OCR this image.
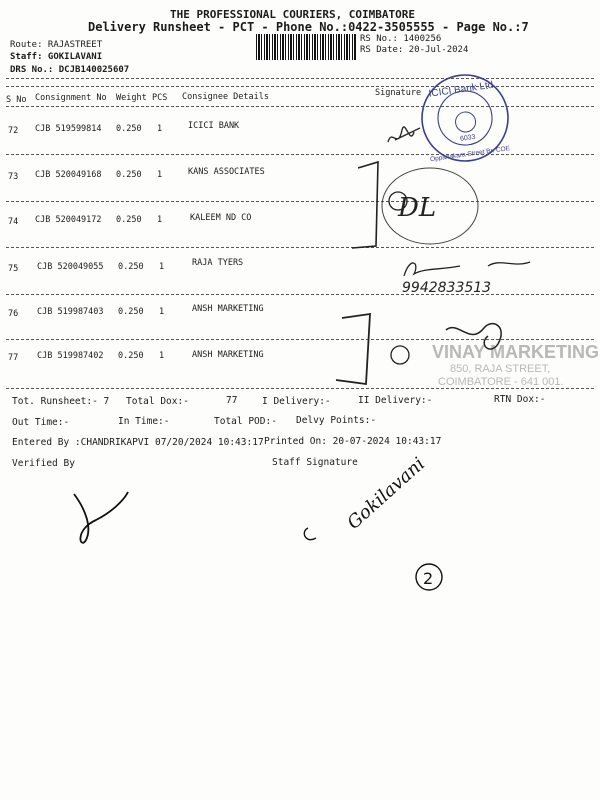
THE PROFESSIONAL COURIERS, COIMBATORE
Delivery Runsheet - PCT - Phone No.:0422-3505555 - Page No.:7
Route: RAJASTREET
Staff: GOKILAVANI
DRS No.: DCJB140025607
RS No.: 1400256
RS Date: 20-Jul-2024
S No Consignment No Weight PCS Consignee Details	Signature
72 CJB 519599814 0.250 1	ICICI BANK
73 CJB 520049168 0.250 1	KANS ASSOCIATES
74 CJB 520049172 0.250 1	KALEEM ND CO
75 CJB 520049055 0.250 1	RAJA TYERS
76 CJB 519987403 0.250 1	ANSH MARKETING
77 CJB 519987402 0.250 1	ANSH MARKETING
Tot. Runsheet:- 7 Total Dox:-	77	I Delivery:-	II Delivery:-	RTN Dox:-
Out Time:-	In Time:-	Total POD:- Delvy Points:-
Entered By :CHANDRIKAPVI 07/20/2024 10:43:17 Printed On: 20-07-2024 10:43:17
Verified By	Staff Signature
ICICI Bank Ltd
6033
Oppanakara Street Br. COE
DL
9942833513
VINAY MARKETING
850, RAJA STREET,
COIMBATORE - 641 001.
Gokilavani
2
